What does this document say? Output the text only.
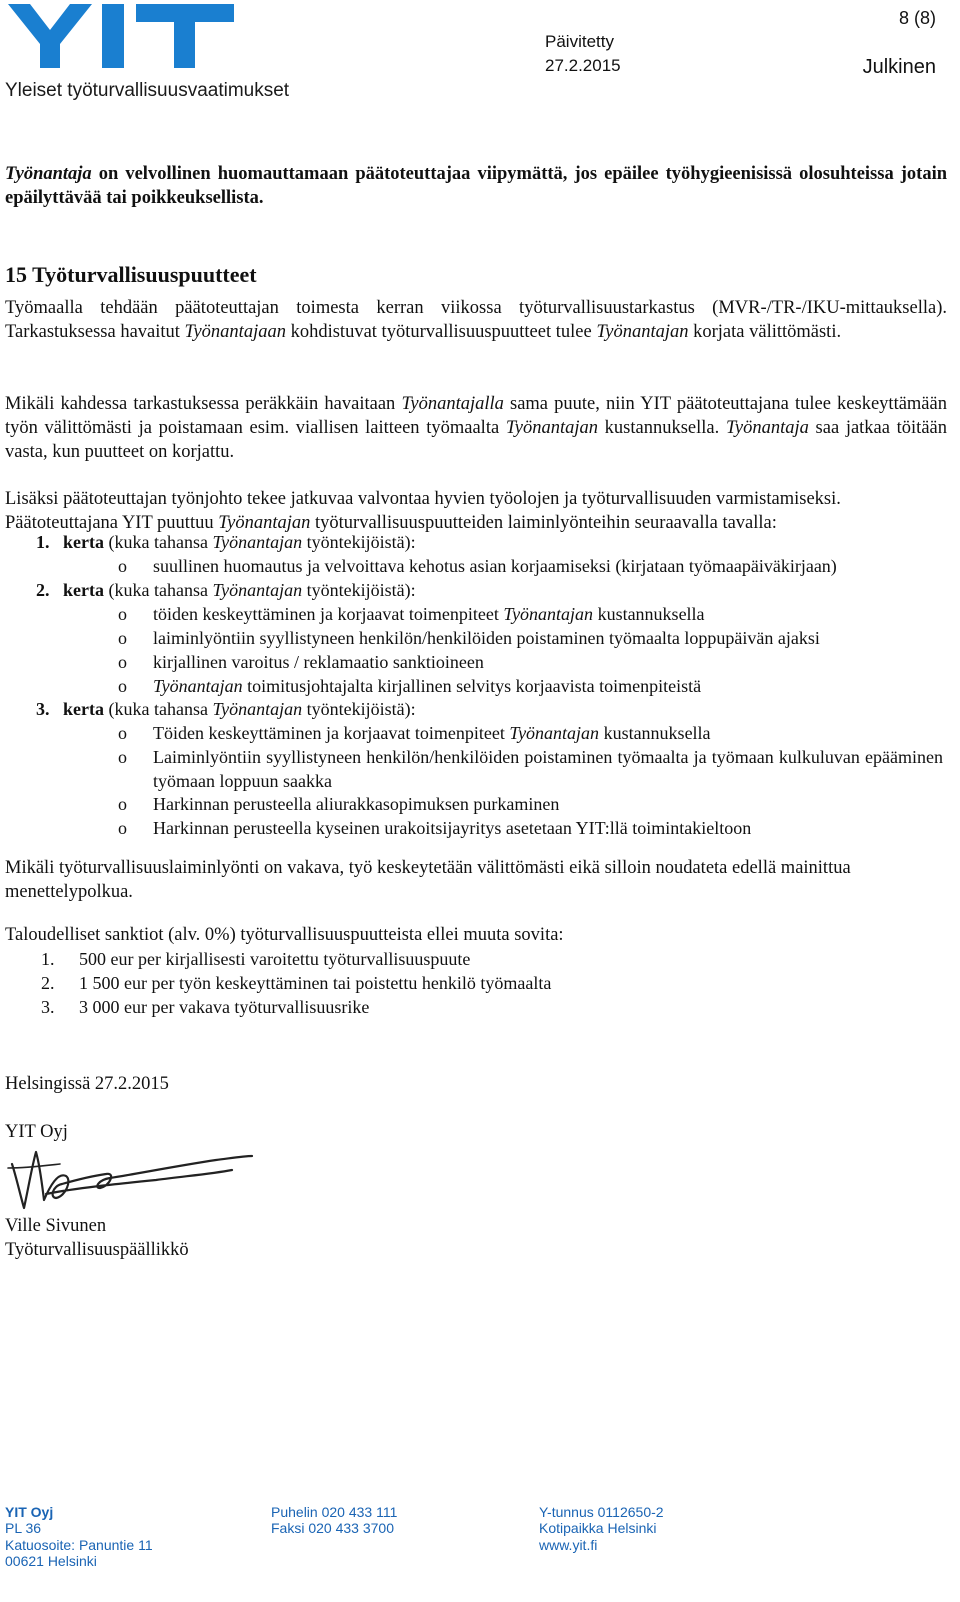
Yleiset työturvallisuusvaatimukset
Päivitetty
27.2.2015
8 (8)
Julkinen
Työnantaja on velvollinen huomauttamaan päätoteuttajaa viipymättä, jos epäilee työhygieenisissä olosuhteissa jotain epäilyttävää tai poikkeuksellista.
15 Työturvallisuuspuutteet
Työmaalla tehdään päätoteuttajan toimesta kerran viikossa työturvallisuustarkastus (MVR-/TR-/IKU-mittauksella). Tarkastuksessa havaitut Työnantajaan kohdistuvat työturvallisuuspuutteet tulee Työnantajan korjata välittömästi.
Mikäli kahdessa tarkastuksessa peräkkäin havaitaan Työnantajalla sama puute, niin YIT päätoteuttajana tulee keskeyttämään työn välittömästi ja poistamaan esim. viallisen laitteen työmaalta Työnantajan kustannuksella. Työnantaja saa jatkaa töitään vasta, kun puutteet on korjattu.
Lisäksi päätoteuttajan työnjohto tekee jatkuvaa valvontaa hyvien työolojen ja työturvallisuuden varmistamiseksi. Päätoteuttajana YIT puuttuu Työnantajan työturvallisuuspuutteiden laiminlyönteihin seuraavalla tavalla:
1. kerta (kuka tahansa Työnantajan työntekijöistä):
o suullinen huomautus ja velvoittava kehotus asian korjaamiseksi (kirjataan työmaapäiväkirjaan)
2. kerta (kuka tahansa Työnantajan työntekijöistä):
o töiden keskeyttäminen ja korjaavat toimenpiteet Työnantajan kustannuksella
o laiminlyöntiin syyllistyneen henkilön/henkilöiden poistaminen työmaalta loppupäivän ajaksi
o kirjallinen varoitus / reklamaatio sanktioineen
o Työnantajan toimitusjohtajalta kirjallinen selvitys korjaavista toimenpiteistä
3. kerta (kuka tahansa Työnantajan työntekijöistä):
o Töiden keskeyttäminen ja korjaavat toimenpiteet Työnantajan kustannuksella
o Laiminlyöntiin syyllistyneen henkilön/henkilöiden poistaminen työmaalta ja työmaan kulkuluvan epääminen työmaan loppuun saakka
o Harkinnan perusteella aliurakkasopimuksen purkaminen
o Harkinnan perusteella kyseinen urakoitsijayritys asetetaan YIT:llä toimintakieltoon
Mikäli työturvallisuuslaiminlyönti on vakava, työ keskeytetään välittömästi eikä silloin noudateta edellä mainittua menettelypolkua.
Taloudelliset sanktiot (alv. 0%) työturvallisuuspuutteista ellei muuta sovita:
1. 500 eur per kirjallisesti varoitettu työturvallisuuspuute
2. 1 500 eur per työn keskeyttäminen tai poistettu henkilö työmaalta
3. 3 000 eur per vakava työturvallisuusrike
Helsingissä 27.2.2015
YIT Oyj
Ville Sivunen
Työturvallisuuspäällikkö
YIT Oyj
PL 36
Katuosoite: Panuntie 11
00621 Helsinki
Puhelin 020 433 111
Faksi 020 433 3700
Y-tunnus 0112650-2
Kotipaikka Helsinki
www.yit.fi
